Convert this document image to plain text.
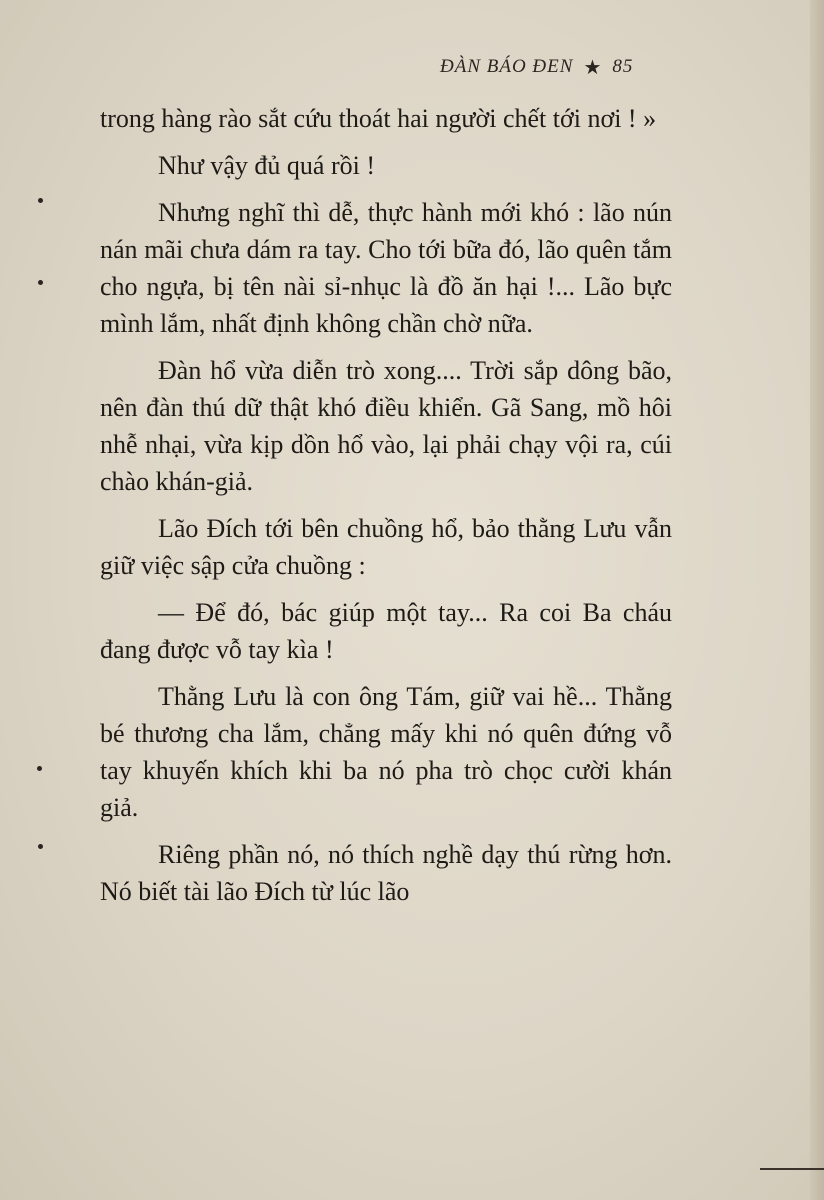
ĐÀN BÁO ĐEN ★ 85

trong hàng rào sắt cứu thoát hai người chết tới nơi ! »

Như vậy đủ quá rồi !

Nhưng nghĩ thì dễ, thực hành mới khó : lão nún nán mãi chưa dám ra tay. Cho tới bữa đó, lão quên tắm cho ngựa, bị tên nài sỉ-nhục là đồ ăn hại !... Lão bực mình lắm, nhất định không chần chờ nữa.

Đàn hổ vừa diễn trò xong.... Trời sắp dông bão, nên đàn thú dữ thật khó điều khiển. Gã Sang, mồ hôi nhễ nhại, vừa kịp dồn hổ vào, lại phải chạy vội ra, cúi chào khán-giả.

Lão Đích tới bên chuồng hổ, bảo thằng Lưu vẫn giữ việc sập cửa chuồng :

— Để đó, bác giúp một tay... Ra coi Ba cháu đang được vỗ tay kìa !

Thằng Lưu là con ông Tám, giữ vai hề... Thằng bé thương cha lắm, chẳng mấy khi nó quên đứng vỗ tay khuyến khích khi ba nó pha trò chọc cười khán giả.

Riêng phần nó, nó thích nghề dạy thú rừng hơn. Nó biết tài lão Đích từ lúc lão
